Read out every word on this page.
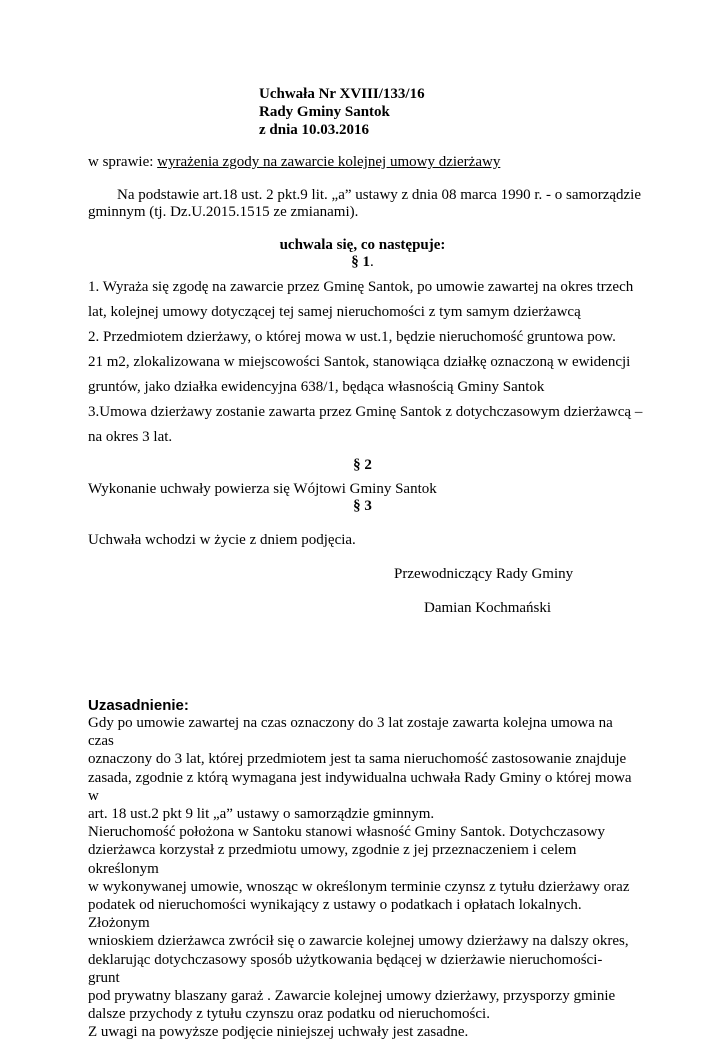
Uchwała Nr XVIII/133/16
Rady Gminy Santok
z dnia 10.03.2016
w sprawie: wyrażenia zgody na zawarcie kolejnej umowy dzierżawy
Na podstawie art.18 ust. 2 pkt.9 lit. „a” ustawy z dnia 08 marca 1990 r. - o samorządzie
gminnym (tj. Dz.U.2015.1515 ze zmianami).
uchwala się, co następuje:
§ 1.
1. Wyraża się zgodę na zawarcie przez Gminę Santok, po umowie zawartej na okres trzech
lat, kolejnej umowy dotyczącej tej samej nieruchomości z tym samym dzierżawcą
2. Przedmiotem dzierżawy, o której mowa w ust.1, będzie nieruchomość gruntowa pow.
21 m2, zlokalizowana w miejscowości Santok, stanowiąca działkę oznaczoną w ewidencji
gruntów, jako działka ewidencyjna 638/1, będąca własnością Gminy Santok
3.Umowa dzierżawy zostanie zawarta przez Gminę Santok z dotychczasowym dzierżawcą –
na okres 3 lat.
§ 2
Wykonanie uchwały powierza się Wójtowi Gminy Santok
§ 3
Uchwała wchodzi w życie z dniem podjęcia.
Przewodniczący Rady Gminy
Damian Kochmański
Uzasadnienie:
Gdy po umowie zawartej na czas oznaczony do 3 lat zostaje zawarta kolejna umowa na czas
oznaczony do 3 lat, której przedmiotem jest ta sama nieruchomość zastosowanie znajduje
zasada, zgodnie z którą wymagana jest indywidualna uchwała Rady Gminy o której mowa w
art. 18 ust.2 pkt 9 lit „a” ustawy o samorządzie gminnym.
Nieruchomość położona w Santoku stanowi własność Gminy Santok. Dotychczasowy
dzierżawca korzystał z przedmiotu umowy, zgodnie z jej przeznaczeniem i celem określonym
w wykonywanej umowie, wnosząc w określonym terminie czynsz z tytułu dzierżawy oraz
podatek od nieruchomości wynikający z ustawy o podatkach i opłatach lokalnych. Złożonym
wnioskiem dzierżawca zwrócił się o zawarcie kolejnej umowy dzierżawy na dalszy okres,
deklarując dotychczasowy sposób użytkowania będącej w dzierżawie nieruchomości- grunt
pod prywatny blaszany garaż . Zawarcie kolejnej umowy dzierżawy, przysporzy gminie
dalsze przychody z tytułu czynszu oraz podatku od nieruchomości.
Z uwagi na powyższe podjęcie niniejszej uchwały jest zasadne.
